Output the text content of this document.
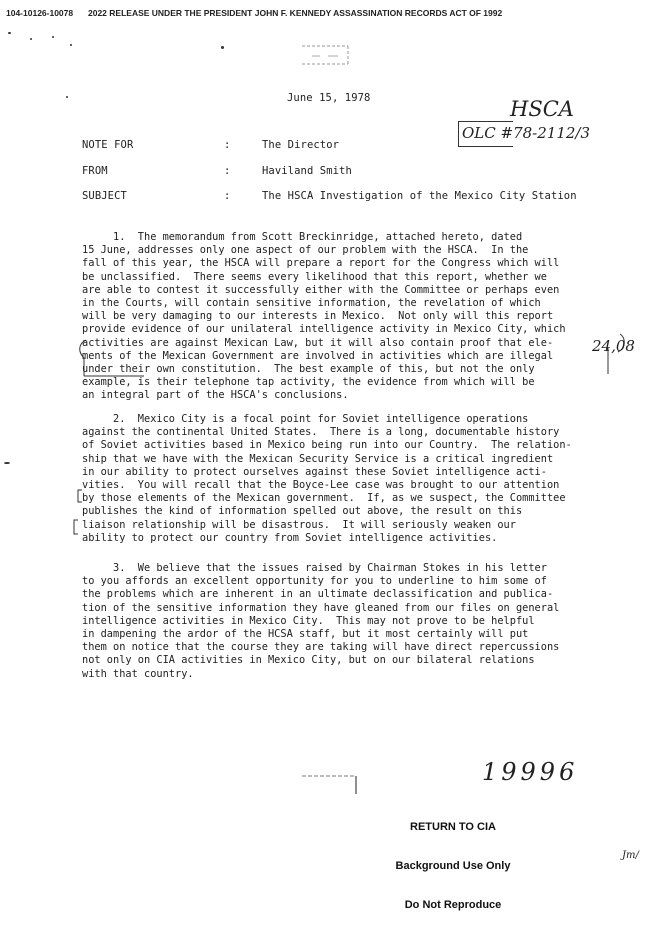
104-10126-10078 2022 RELEASE UNDER THE PRESIDENT JOHN F. KENNEDY ASSASSINATION RECORDS ACT OF 1992
June 15, 1978	HSCA
OLC #78-2112/3
NOTE FOR	:	The Director
FROM	:	Haviland Smith
SUBJECT	:	The HSCA Investigation of the Mexico City Station
1.  The memorandum from Scott Breckinridge, attached hereto, dated
15 June, addresses only one aspect of our problem with the HSCA.  In the
fall of this year, the HSCA will prepare a report for the Congress which will
be unclassified.  There seems every likelihood that this report, whether we
are able to contest it successfully either with the Committee or perhaps even
in the Courts, will contain sensitive information, the revelation of which
will be very damaging to our interests in Mexico.  Not only will this report
provide evidence of our unilateral intelligence activity in Mexico City, which
activities are against Mexican Law, but it will also contain proof that ele-
ments of the Mexican Government are involved in activities which are illegal
under their own constitution.  The best example of this, but not the only
example, is their telephone tap activity, the evidence from which will be
an integral part of the HSCA's conclusions.
24,08
2.  Mexico City is a focal point for Soviet intelligence operations
against the continental United States.  There is a long, documentable history
of Soviet activities based in Mexico being run into our Country.  The relation-
ship that we have with the Mexican Security Service is a critical ingredient
in our ability to protect ourselves against these Soviet intelligence acti-
vities.  You will recall that the Boyce-Lee case was brought to our attention
by those elements of the Mexican government.  If, as we suspect, the Committee
publishes the kind of information spelled out above, the result on this
liaison relationship will be disastrous.  It will seriously weaken our
ability to protect our country from Soviet intelligence activities.
3.  We believe that the issues raised by Chairman Stokes in his letter
to you affords an excellent opportunity for you to underline to him some of
the problems which are inherent in an ultimate declassification and publica-
tion of the sensitive information they have gleaned from our files on general
intelligence activities in Mexico City.  This may not prove to be helpful
in dampening the ardor of the HCSA staff, but it most certainly will put
them on notice that the course they are taking will have direct repercussions
not only on CIA activities in Mexico City, but on our bilateral relations
with that country.
19996

RETURN TO CIA

Background Use Only

Do Not Reproduce

Jm/
